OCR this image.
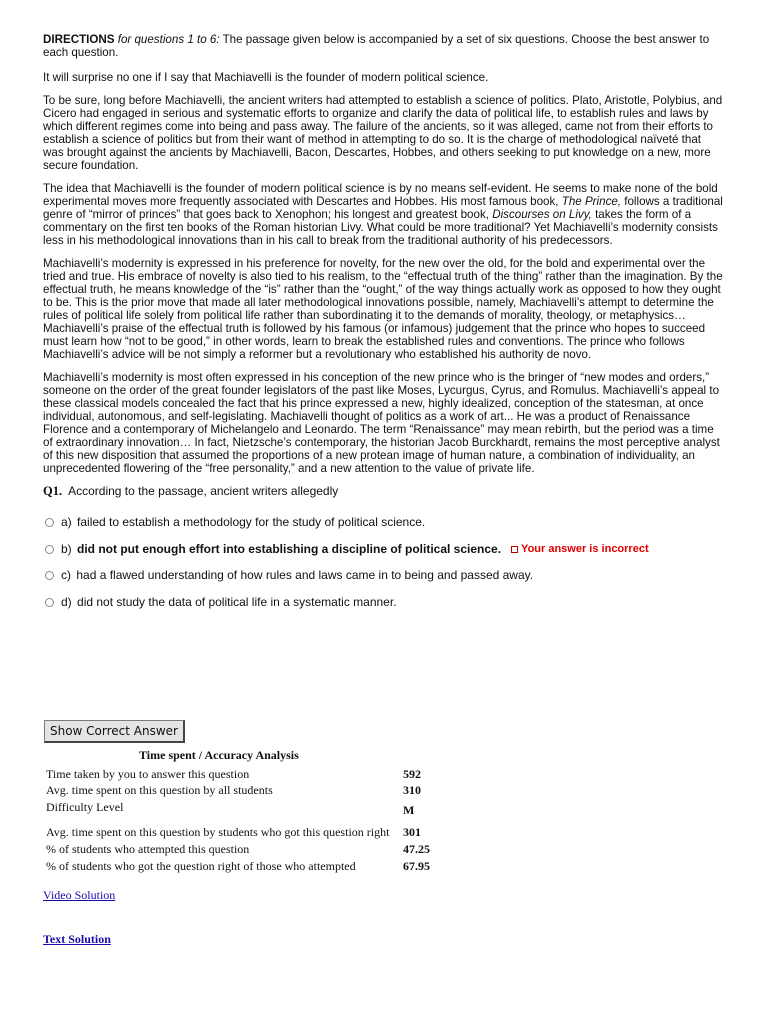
DIRECTIONS for questions 1 to 6: The passage given below is accompanied by a set of six questions. Choose the best answer to each question.

It will surprise no one if I say that Machiavelli is the founder of modern political science.

To be sure, long before Machiavelli, the ancient writers had attempted to establish a science of politics. Plato, Aristotle, Polybius, and Cicero had engaged in serious and systematic efforts to organize and clarify the data of political life, to establish rules and laws by which different regimes come into being and pass away. The failure of the ancients, so it was alleged, came not from their efforts to establish a science of politics but from their want of method in attempting to do so. It is the charge of methodological naïveté that was brought against the ancients by Machiavelli, Bacon, Descartes, Hobbes, and others seeking to put knowledge on a new, more secure foundation.

The idea that Machiavelli is the founder of modern political science is by no means self-evident. He seems to make none of the bold experimental moves more frequently associated with Descartes and Hobbes. His most famous book, The Prince, follows a traditional genre of “mirror of princes” that goes back to Xenophon; his longest and greatest book, Discourses on Livy, takes the form of a commentary on the first ten books of the Roman historian Livy. What could be more traditional? Yet Machiavelli’s modernity consists less in his methodological innovations than in his call to break from the traditional authority of his predecessors.

Machiavelli’s modernity is expressed in his preference for novelty, for the new over the old, for the bold and experimental over the tried and true. His embrace of novelty is also tied to his realism, to the “effectual truth of the thing” rather than the imagination. By the effectual truth, he means knowledge of the “is” rather than the “ought,” of the way things actually work as opposed to how they ought to be. This is the prior move that made all later methodological innovations possible, namely, Machiavelli’s attempt to determine the rules of political life solely from political life rather than subordinating it to the demands of morality, theology, or metaphysics… Machiavelli’s praise of the effectual truth is followed by his famous (or infamous) judgement that the prince who hopes to succeed must learn how “not to be good,” in other words, learn to break the established rules and conventions. The prince who follows Machiavelli’s advice will be not simply a reformer but a revolutionary who established his authority de novo.

Machiavelli’s modernity is most often expressed in his conception of the new prince who is the bringer of “new modes and orders,” someone on the order of the great founder legislators of the past like Moses, Lycurgus, Cyrus, and Romulus. Machiavelli’s appeal to these classical models concealed the fact that his prince expressed a new, highly idealized, conception of the statesman, at once individual, autonomous, and self-legislating. Machiavelli thought of politics as a work of art... He was a product of Renaissance Florence and a contemporary of Michelangelo and Leonardo. The term “Renaissance” may mean rebirth, but the period was a time of extraordinary innovation… In fact, Nietzsche’s contemporary, the historian Jacob Burckhardt, remains the most perceptive analyst of this new disposition that assumed the proportions of a new protean image of human nature, a combination of individuality, an unprecedented flowering of the “free personality,” and a new attention to the value of private life.

Q1. According to the passage, ancient writers allegedly
a)
failed to establish a methodology for the study of political science.
b)
did not put enough effort into establishing a discipline of political science. Your answer is incorrect
c)
had a flawed understanding of how rules and laws came in to being and passed away.
d)
did not study the data of political life in a systematic manner.
Show Correct Answer
Time spent / Accuracy Analysis
Time taken by you to answer this question	592
Avg. time spent on this question by all students	310
Difficulty Level	M
Avg. time spent on this question by students who got this question right 301
% of students who attempted this question	47.25
% of students who got the question right of those who attempted	67.95
Video Solution
Text Solution
